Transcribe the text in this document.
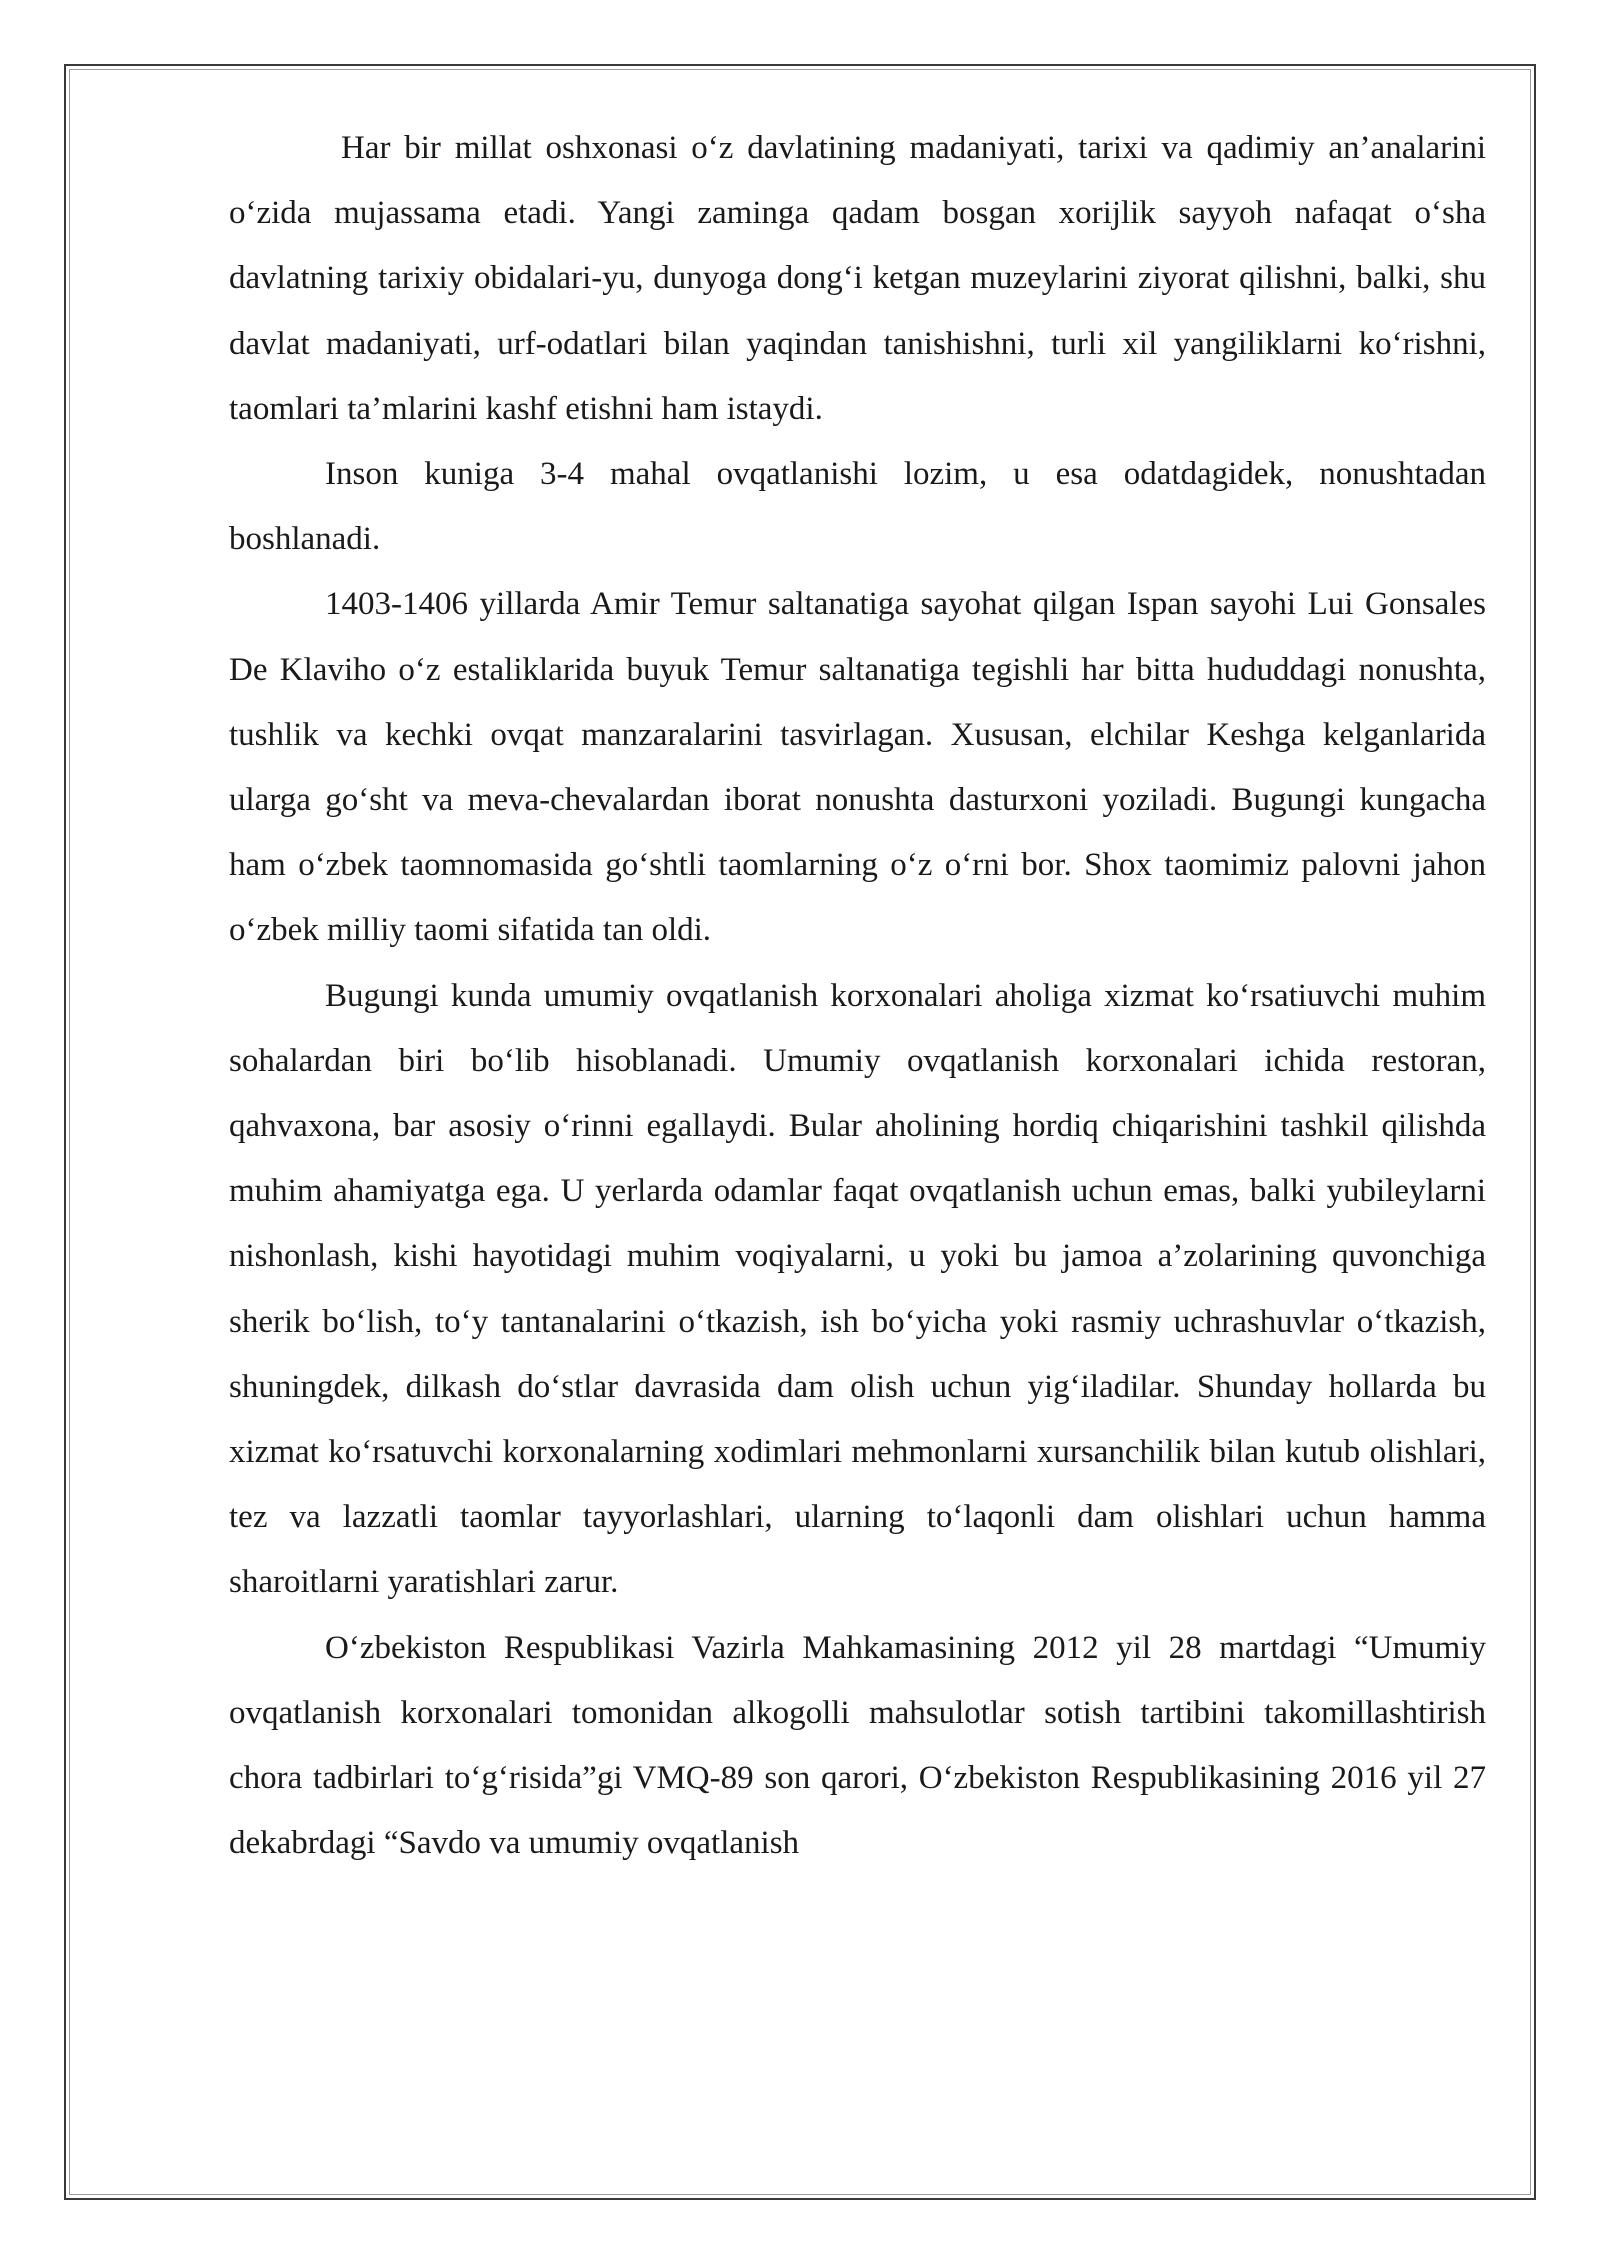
Har bir millat oshxonasi o‘z davlatining madaniyati, tarixi va qadimiy an’analarini o‘zida mujassama etadi. Yangi zaminga qadam bosgan xorijlik sayyoh nafaqat o‘sha davlatning tarixiy obidalari-yu, dunyoga dong‘i ketgan muzeylarini ziyorat qilishni, balki, shu davlat madaniyati, urf-odatlari bilan yaqindan tanishishni, turli xil yangiliklarni ko‘rishni, taomlari ta’mlarini kashf etishni ham istaydi.

Inson kuniga 3-4 mahal ovqatlanishi lozim, u esa odatdagidek, nonushtadan boshlanadi.

1403-1406 yillarda Amir Temur saltanatiga sayohat qilgan Ispan sayohi Lui Gonsales De Klaviho o‘z estaliklarida buyuk Temur saltanatiga tegishli har bitta hududdagi nonushta, tushlik va kechki ovqat manzaralarini tasvirlagan. Xususan, elchilar Keshga kelganlarida ularga go‘sht va meva-chevalardan iborat nonushta dasturxoni yoziladi. Bugungi kungacha ham o‘zbek taomnomasida go‘shtli taomlarning o‘z o‘rni bor. Shox taomimiz palovni jahon o‘zbek milliy taomi sifatida tan oldi.

Bugungi kunda umumiy ovqatlanish korxonalari aholiga xizmat ko‘rsatiuvchi muhim sohalardan biri bo‘lib hisoblanadi. Umumiy ovqatlanish korxonalari ichida restoran, qahvaxona, bar asosiy o‘rinni egallaydi. Bular aholining hordiq chiqarishini tashkil qilishda muhim ahamiyatga ega. U yerlarda odamlar faqat ovqatlanish uchun emas, balki yubileylarni nishonlash, kishi hayotidagi muhim voqiyalarni, u yoki bu jamoa a’zolarining quvonchiga sherik bo‘lish, to‘y tantanalarini o‘tkazish, ish bo‘yicha yoki rasmiy uchrashuvlar o‘tkazish, shuningdek, dilkash do‘stlar davrasida dam olish uchun yig‘iladilar. Shunday hollarda bu xizmat ko‘rsatuvchi korxonalarning xodimlari mehmonlarni xursanchilik bilan kutub olishlari, tez va lazzatli taomlar tayyorlashlari, ularning to‘laqonli dam olishlari uchun hamma sharoitlarni yaratishlari zarur.

O‘zbekiston Respublikasi Vazirla Mahkamasining 2012 yil 28 martdagi “Umumiy ovqatlanish korxonalari tomonidan alkogolli mahsulotlar sotish tartibini takomillashtirish chora tadbirlari to‘g‘risida”gi VMQ-89 son qarori, O‘zbekiston Respublikasining 2016 yil 27 dekabrdagi “Savdo va umumiy ovqatlanish
